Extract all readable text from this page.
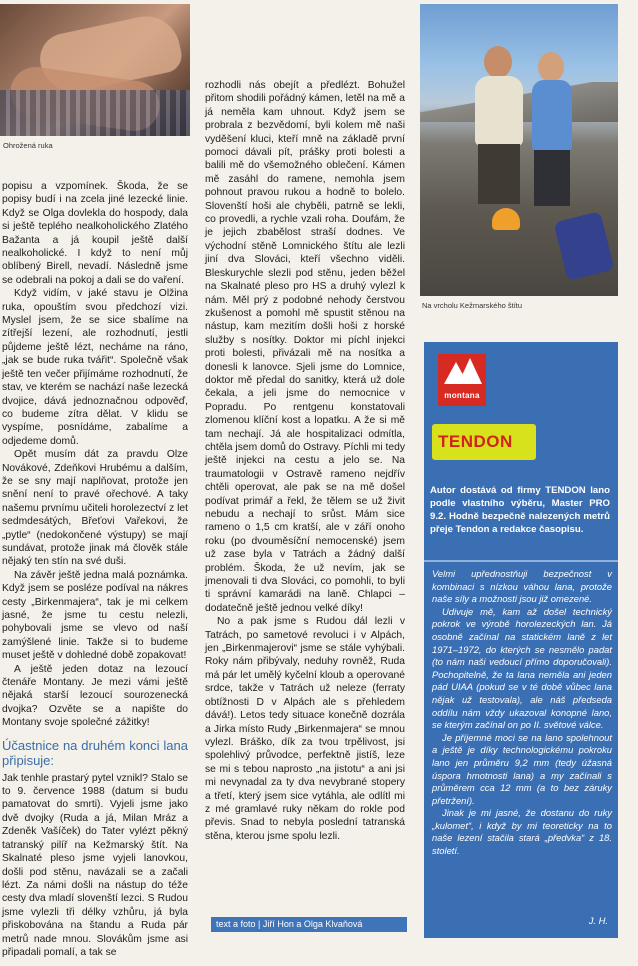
Ohrožená ruka

popisu a vzpomínek. Škoda, že se popisy budí i na zcela jiné lezecké linie. Když se Olga dovlekla do hospody, dala si ještě teplého nealkoholického Zlatého Bažanta a já koupil ještě další nealkoholické. I když to není můj oblíbený Birell, nevadí. Následně jsme se odebrali na pokoj a dali se do vaření.

Když vidím, v jaké stavu je Olžina ruka, opouštím svou předchozí vizi. Myslel jsem, že se sice sbalíme na zítřejší lezení, ale rozhodnutí, jestli půjdeme ještě lézt, necháme na ráno, „jak se bude ruka tvářit“. Společně však ještě ten večer přijímáme rozhodnutí, že stav, ve kterém se nachází naše lezecká dvojice, dává jednoznačnou odpověď, co budeme zítra dělat. V klidu se vyspíme, posnídáme, zabalíme a odjedeme domů.

Opět musím dát za pravdu Olze Novákové, Zdeňkovi Hrubému a dalším, že se sny mají naplňovat, protože jen snění není to pravé ořechové. A taky našemu prvnímu učiteli horolezectví z let sedmdesátých, Břeťovi Vařekovi, že „pytle“ (nedokončené výstupy) se mají sundávat, protože jinak má člověk stále nějaký ten stín na své duši.

Na závěr ještě jedna malá poznámka. Když jsem se posléze podíval na nákres cesty „Birkenmajera“, tak je mi celkem jasné, že jsme tu cestu nelezli, pohybovali jsme se vlevo od naší zamýšlené linie. Takže si to budeme muset ještě v dohledné době zopakovat!

A ještě jeden dotaz na lezoucí čtenáře Montany. Je mezi vámi ještě nějaká starší lezoucí sourozenecká dvojka? Ozvěte se a napište do Montany svoje společné zážitky!

Účastnice na druhém konci lana připisuje:

Jak tenhle prastarý pytel vznikl? Stalo se to 9. července 1988 (datum si budu pamatovat do smrti). Vyjeli jsme jako dvě dvojky (Ruda a já, Milan Mráz a Zdeněk Vašíček) do Tater vylézt pěkný tatranský pilíř na Kežmarský štít. Na Skalnaté pleso jsme vyjeli lanovkou, došli pod stěnu, navázali se a začali lézt. Za námi došli na nástup do téže cesty dva mladí slovenští lezci. S Rudou jsme vylezli tři délky vzhůru, já byla přiskobována na štandu a Ruda pár metrů nade mnou. Slovákům jsme asi připadali pomalí, a tak se

rozhodli nás obejít a předlézt. Bohužel přitom shodili pořádný kámen, letěl na mě a já neměla kam uhnout. Když jsem se probrala z bezvědomí, byli kolem mě naši vyděšení kluci, kteří mně na základě první pomoci dávali pít, prášky proti bolesti a balili mě do všemožného oblečení. Kámen mě zasáhl do ramene, nemohla jsem pohnout pravou rukou a hodně to bolelo. Slovenští hoši ale chyběli, patrně se lekli, co provedli, a rychle vzali roha. Doufám, že je jejich zbabělost straší dodnes. Ve východní stěně Lomnického štítu ale lezli jiní dva Slováci, kteří všechno viděli. Bleskurychle slezli pod stěnu, jeden běžel na Skalnaté pleso pro HS a druhý vylezl k nám. Měl prý z podobné nehody čerstvou zkušenost a pomohl mě spustit stěnou na nástup, kam mezitím došli hoši z horské služby s nosítky. Doktor mi píchl injekci proti bolesti, přivázali mě na nosítka a donesli k lanovce. Sjeli jsme do Lomnice, doktor mě předal do sanitky, která už dole čekala, a jeli jsme do nemocnice v Popradu. Po rentgenu konstatovali zlomenou klíční kost a lopatku. A že si mě tam nechají. Já ale hospitalizaci odmítla, chtěla jsem domů do Ostravy. Píchli mi tedy ještě injekci na cestu a jelo se. Na traumatologii v Ostravě rameno nejdřív chtěli operovat, ale pak se na mě došel podívat primář a řekl, že tělem se už živit nebudu a nechají to srůst. Mám sice rameno o 1,5 cm kratší, ale v září onoho roku (po dvouměsíční nemocenské) jsem už zase byla v Tatrách a žádný další problém. Škoda, že už nevím, jak se jmenovali ti dva Slováci, co pomohli, to byli ti správní kamarádi na laně. Chlapci – dodatečně ještě jednou velké díky!

No a pak jsme s Rudou dál lezli v Tatrách, po sametové revoluci i v Alpách, jen „Birkenmajerovi“ jsme se stále vyhýbali. Roky nám přibývaly, neduhy rovněž, Ruda má pár let umělý kyčelní kloub a operované srdce, takže v Tatrách už neleze (ferraty obtížnosti D v Alpách ale s přehledem dává!). Letos tedy situace konečně dozrála a Jirka místo Rudy „Birkenmajera“ se mnou vylezl. Bráško, dík za tvou trpělivost, jsi spolehlivý průvodce, perfektně jistíš, leze se mi s tebou naprosto „na jistotu“ a ani jsi mi nevynadal za ty dva nevybrané stopery a třetí, který jsem sice vytáhla, ale odlítl mi z mé gramlavé ruky někam do rokle pod převis. Snad to nebyla poslední tatranská stěna, kterou jsme spolu lezli.

text a foto | Jiří Hon a Olga Klvaňová
Na vrcholu Kežmarského štítu
montana
TENDON
Autor dostává od firmy TENDON lano podle vlastního výběru, Master PRO 9.2. Hodně bezpečně nalezených metrů přeje Tendon a redakce časopisu.

Velmi upřednostňuji bezpečnost v kombinaci s nízkou váhou lana, protože naše síly a možnosti jsou již omezené.

Udivuje mě, kam až došel technický pokrok ve výrobě horolezeckých lan. Já osobně začínal na statickém laně z let 1971–1972, do kterých se nesmělo padat (to nám naši vedoucí přímo doporučovali). Pochopitelně, že ta lana neměla ani jeden pád UIAA (pokud se v té době vůbec lana nějak už testovala), ale náš předseda oddílu nám vždy ukazoval konopné lano, se kterým začínal on po II. světové válce.

Je příjemné moci se na lano spolehnout a ještě je díky technologickému pokroku lano jen průměru 9,2 mm (tedy úžasná úspora hmotnosti lana) a my začínali s průměrem cca 12 mm (a to bez záruky přetržení).

Jinak je mi jasné, že dostanu do ruky „kulomet“, i když by mi teoreticky na to naše lezení stačila stará „předvka“ z 18. století.

J. H.
